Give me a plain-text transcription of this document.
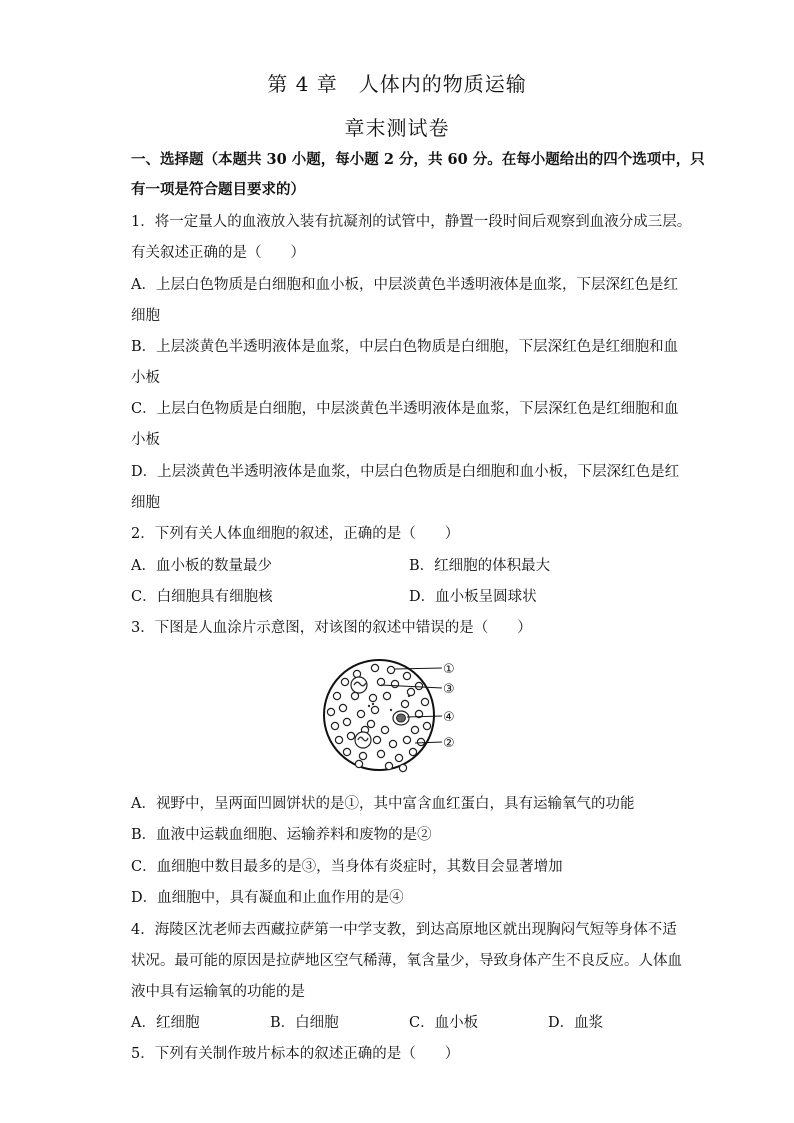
第 4 章　人体内的物质运输
章末测试卷
一、选择题（本题共 30 小题，每小题 2 分，共 60 分。在每小题给出的四个选项中，只
有一项是符合题目要求的）
1．将一定量人的血液放入装有抗凝剂的试管中，静置一段时间后观察到血液分成三层。
有关叙述正确的是（　　）
A．上层白色物质是白细胞和血小板，中层淡黄色半透明液体是血浆，下层深红色是红
细胞
B．上层淡黄色半透明液体是血浆，中层白色物质是白细胞，下层深红色是红细胞和血
小板
C．上层白色物质是白细胞，中层淡黄色半透明液体是血浆，下层深红色是红细胞和血
小板
D．上层淡黄色半透明液体是血浆，中层白色物质是白细胞和血小板，下层深红色是红
细胞
2．下列有关人体血细胞的叙述，正确的是（　　）
A．血小板的数量最少	B．红细胞的体积最大
C．白细胞具有细胞核	D．血小板呈圆球状
3．下图是人血涂片示意图，对该图的叙述中错误的是（　　）
①
③
④
②
A．视野中，呈两面凹圆饼状的是①，其中富含血红蛋白，具有运输氧气的功能
B．血液中运载血细胞、运输养料和废物的是②
C．血细胞中数目最多的是③，当身体有炎症时，其数目会显著增加
D．血细胞中，具有凝血和止血作用的是④
4．海陵区沈老师去西藏拉萨第一中学支教，到达高原地区就出现胸闷气短等身体不适
状况。最可能的原因是拉萨地区空气稀薄，氧含量少，导致身体产生不良反应。人体血
液中具有运输氧的功能的是
A．红细胞	B．白细胞	C．血小板	D．血浆
5．下列有关制作玻片标本的叙述正确的是（　　）
